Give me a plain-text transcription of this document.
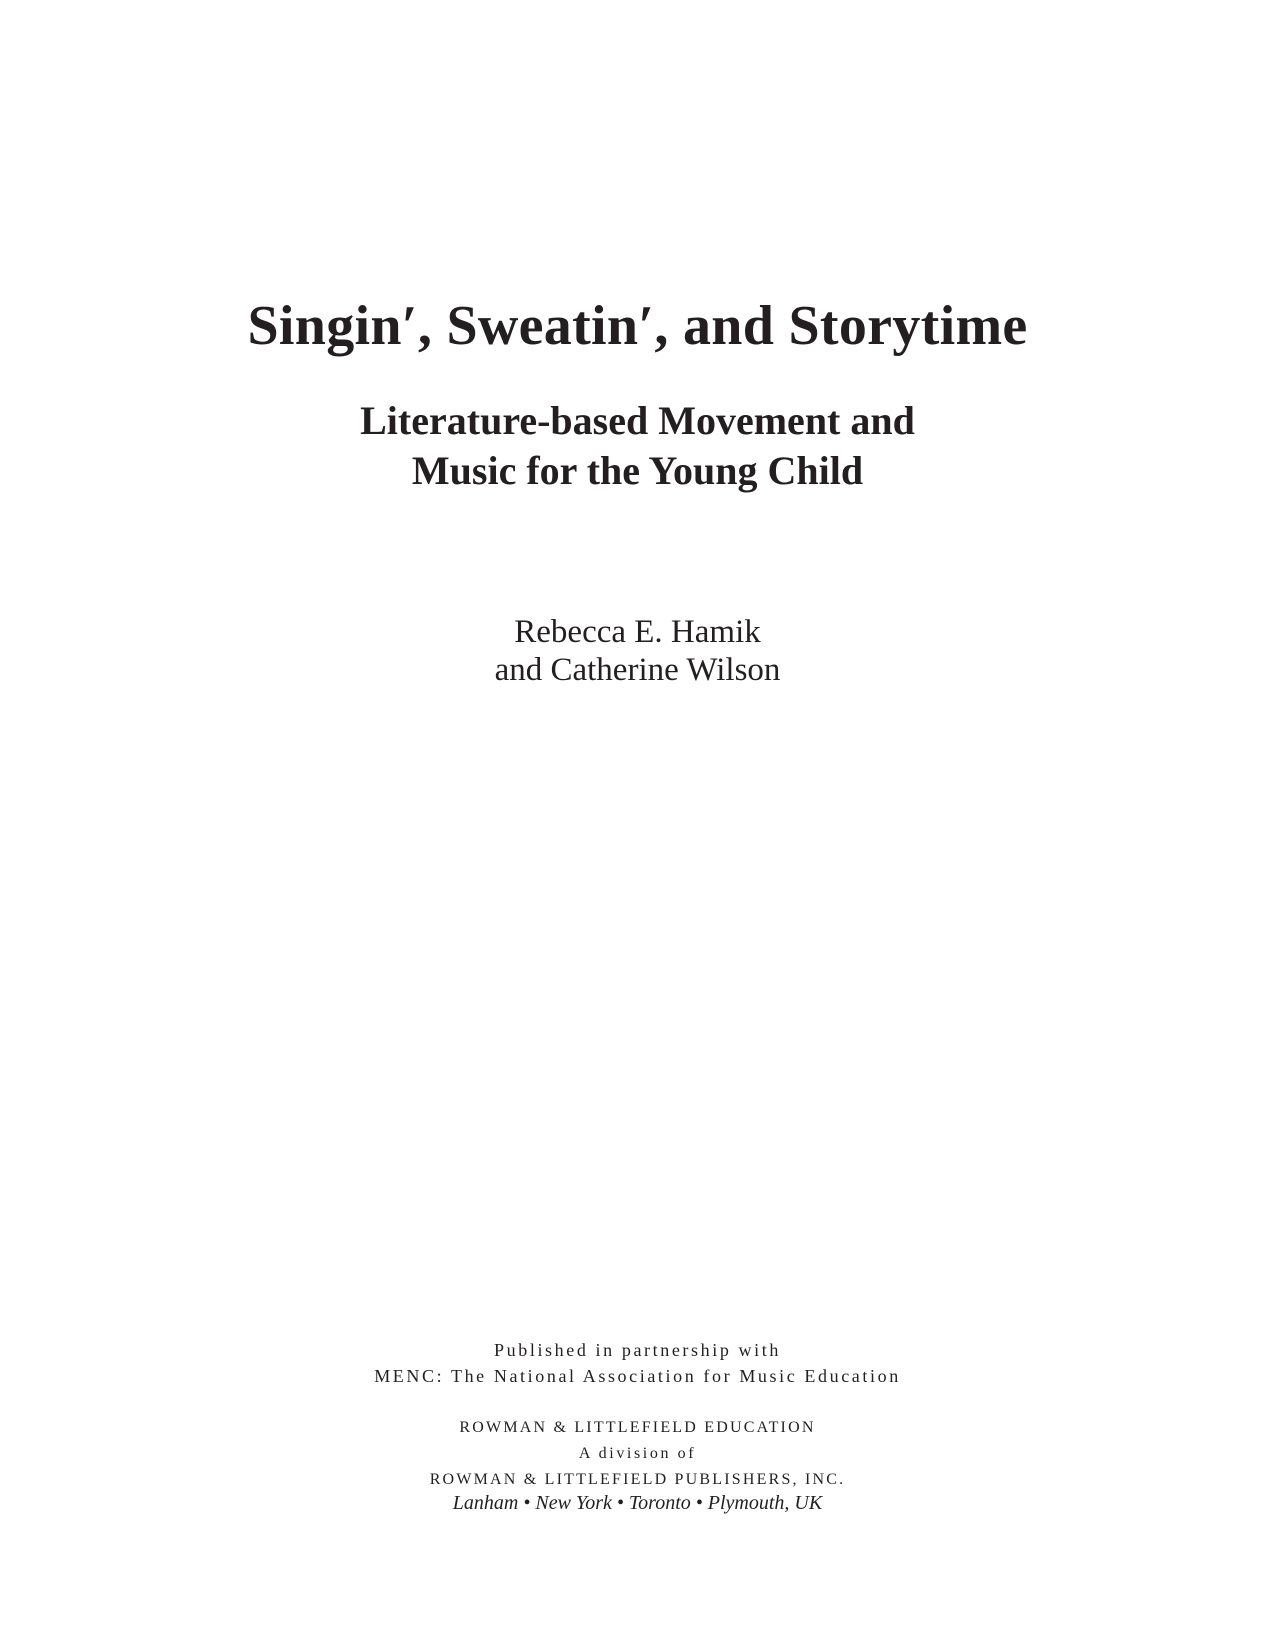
Singin′, Sweatin′, and Storytime
Literature-based Movement and
Music for the Young Child
Rebecca E. Hamik
and Catherine Wilson
Published in partnership with
MENC: The National Association for Music Education
ROWMAN & LITTLEFIELD EDUCATION
A division of
ROWMAN & LITTLEFIELD PUBLISHERS, INC.
Lanham • New York • Toronto • Plymouth, UK
